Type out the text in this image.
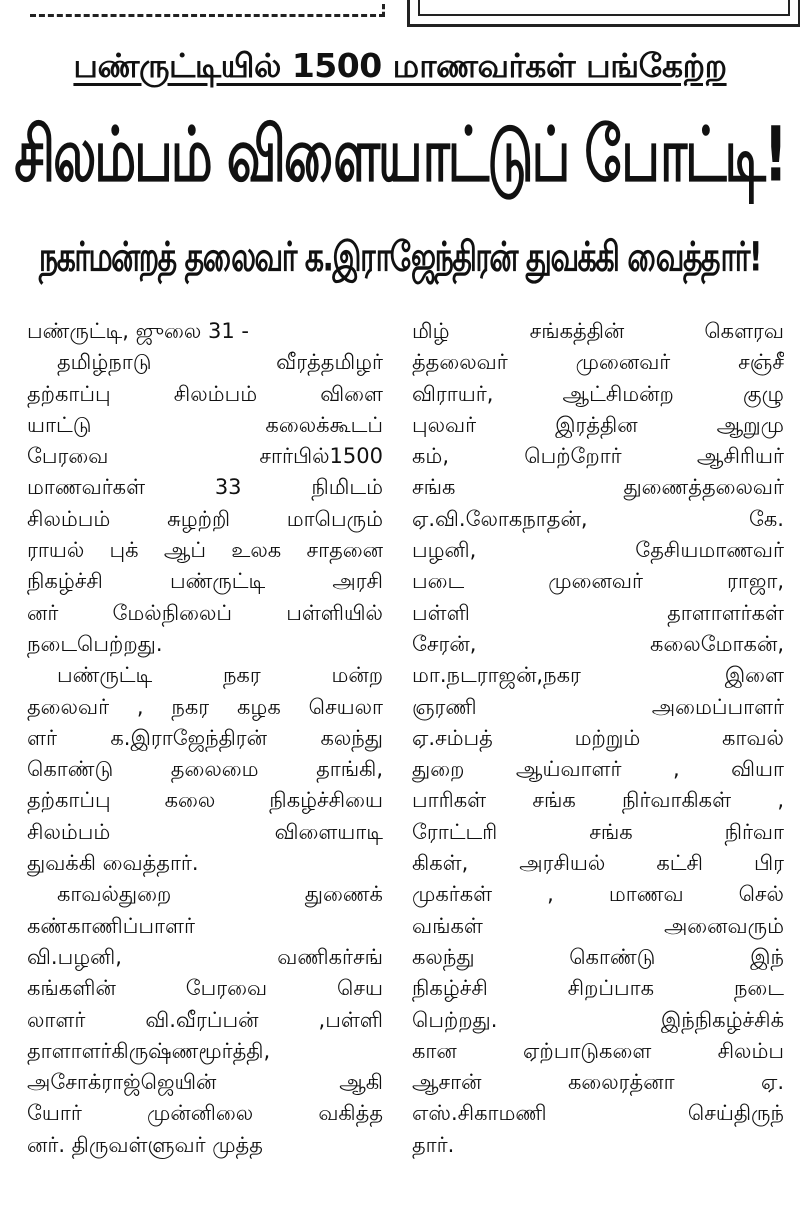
பண்ருட்டியில் 1500 மாணவர்கள் பங்கேற்ற
சிலம்பம் விளையாட்டுப் போட்டி!
நகர்மன்றத் தலைவர் க.இராஜேந்திரன் துவக்கி வைத்தார்!
பண்ருட்டி, ஜுலை 31 -
தமிழ்நாடு வீரத்தமிழர்
தற்காப்பு சிலம்பம் விளை
யாட்டு கலைக்கூடப்
பேரவை சார்பில்1500
மாணவர்கள் 33 நிமிடம்
சிலம்பம் சுழற்றி மாபெரும்
ராயல் புக் ஆப் உலக சாதனை
நிகழ்ச்சி பண்ருட்டி அரசி
னர் மேல்நிலைப் பள்ளியில்
நடைபெற்றது.
பண்ருட்டி நகர மன்ற
தலைவர் , நகர கழக செயலா
ளர் க.இராஜேந்திரன் கலந்து
கொண்டு தலைமை தாங்கி,
தற்காப்பு கலை நிகழ்ச்சியை
சிலம்பம் விளையாடி
துவக்கி வைத்தார்.
காவல்துறை துணைக்
கண்காணிப்பாளர்
வி.பழனி, வணிகர்சங்
கங்களின் பேரவை செய
லாளர் வி.வீரப்பன் ,பள்ளி
தாளாளர்கிருஷ்ணமூர்த்தி,
அசோக்ராஜ்ஜெயின் ஆகி
யோர் முன்னிலை வகித்த
னர். திருவள்ளுவர் முத்த
மிழ் சங்கத்தின் கௌரவ
த்தலைவர் முனைவர் சஞ்சீ
விராயர், ஆட்சிமன்ற குழு
புலவர் இரத்தின ஆறுமு
கம், பெற்றோர் ஆசிரியர்
சங்க துணைத்தலைவர்
ஏ.வி.லோகநாதன், கே.
பழனி, தேசியமாணவர்
படை முனைவர் ராஜா,
பள்ளி தாளாளர்கள்
சேரன், கலைமோகன்,
மா.நடராஜன்,நகர இளை
ஞரணி அமைப்பாளர்
ஏ.சம்பத் மற்றும் காவல்
துறை ஆய்வாளர் , வியா
பாரிகள் சங்க நிர்வாகிகள் ,
ரோட்டரி சங்க நிர்வா
கிகள், அரசியல் கட்சி பிர
முகர்கள் , மாணவ செல்
வங்கள் அனைவரும்
கலந்து கொண்டு இந்
நிகழ்ச்சி சிறப்பாக நடை
பெற்றது. இந்நிகழ்ச்சிக்
கான ஏற்பாடுகளை சிலம்ப
ஆசான் கலைரத்னா ஏ.
எஸ்.சிகாமணி செய்திருந்
தார்.
